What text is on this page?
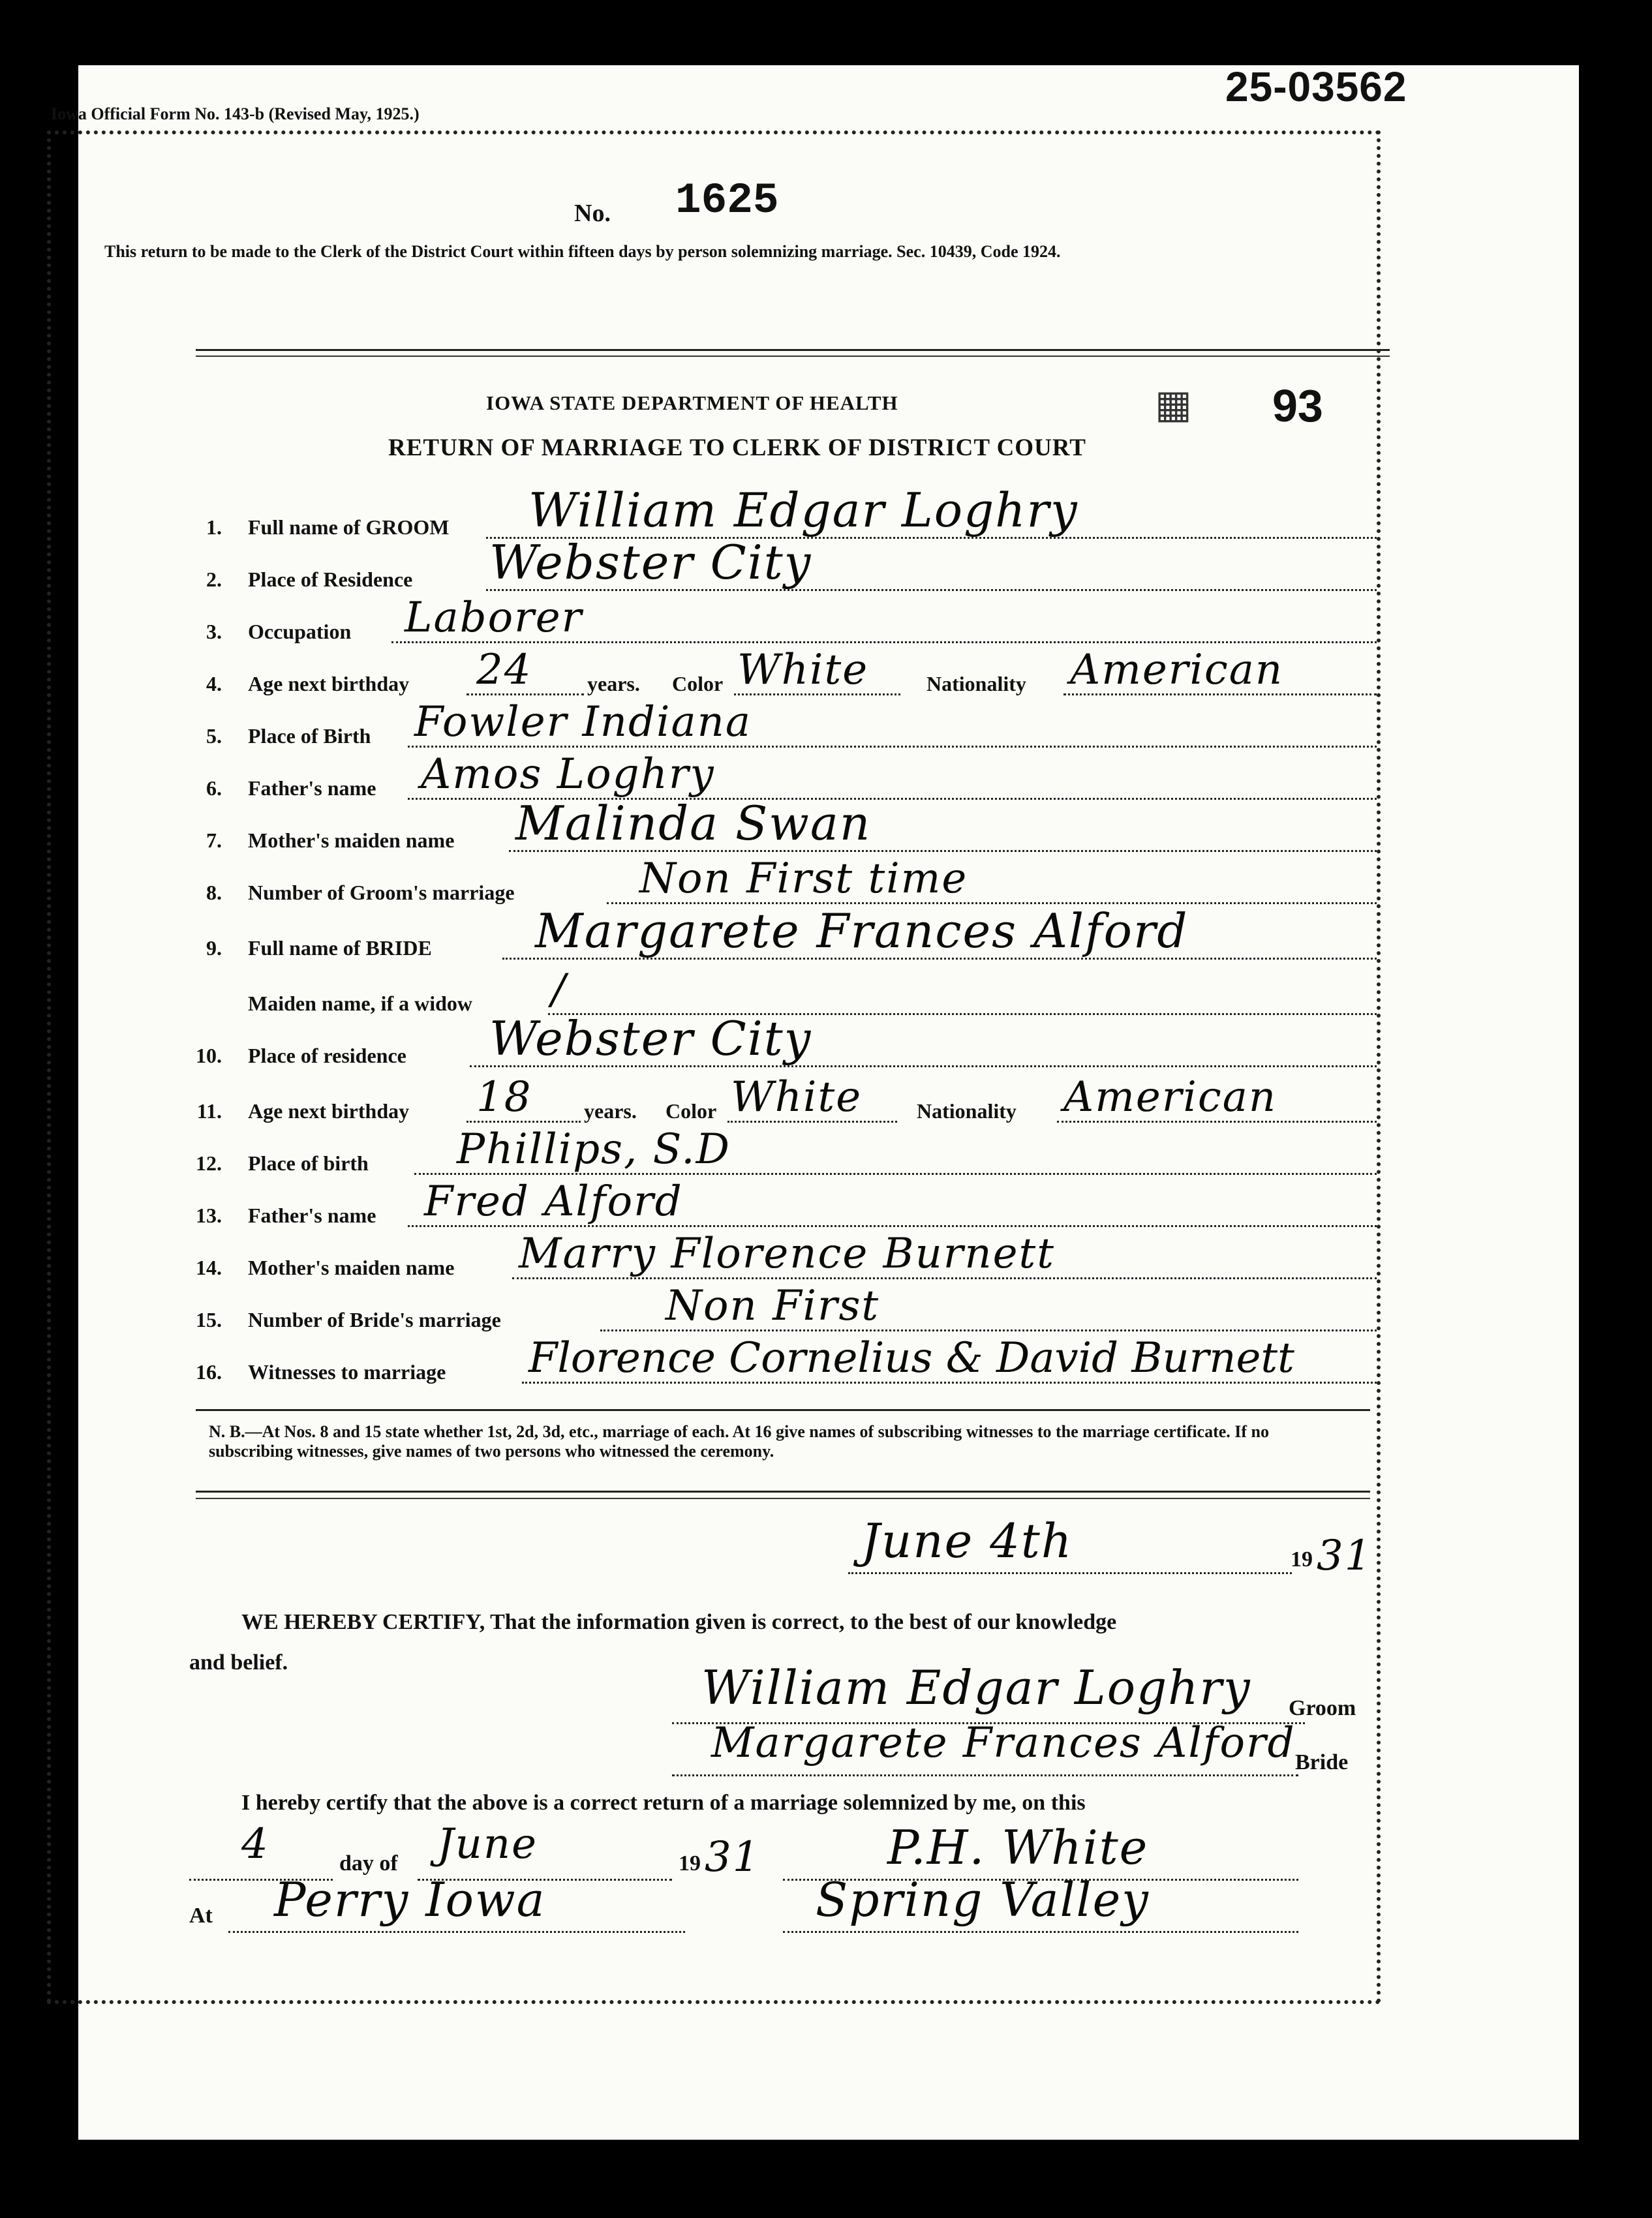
25-03562
Iowa Official Form No. 143-b (Revised May, 1925.)
No. 1625
This return to be made to the Clerk of the District Court within fifteen days by person solemnizing marriage. Sec. 10439, Code 1924.
IOWA STATE DEPARTMENT OF HEALTH	▦ 93
RETURN OF MARRIAGE TO CLERK OF DISTRICT COURT
1. Full name of GROOM William Edgar Loghry
2. Place of Residence Webster City
3. Occupation Laborer
4. Age next birthday 24	years. Color White	Nationality American
5. Place of Birth Fowler Indiana
6. Father's name Amos Loghry
7. Mother's maiden name Malinda Swan
8. Number of Groom's marriage	Non First time
9. Full name of BRIDE Margarete Frances Alford
Maiden name, if a widow /
10. Place of residence Webster City
11. Age next birthday 18 years. Color White	Nationality American
12. Place of birth Phillips, S.D
13. Father's name Fred Alford
14. Mother's maiden name Marry Florence Burnett
15. Number of Bride's marriage	Non First
16. Witnesses to marriage Florence Cornelius & David Burnett
N. B.—At Nos. 8 and 15 state whether 1st, 2d, 3d, etc., marriage of each. At 16 give names of subscribing witnesses to the marriage certificate. If no subscribing witnesses, give names of two persons who witnessed the ceremony.
June 4th	19 31
WE HEREBY CERTIFY, That the information given is correct, to the best of our knowledge
and belief.	William Edgar Loghry Groom
Margarete Frances Alford Bride
I hereby certify that the above is a correct return of a marriage solemnized by me, on this
4	day of June	19 31	P.H. White
At Perry Iowa	Spring Valley
